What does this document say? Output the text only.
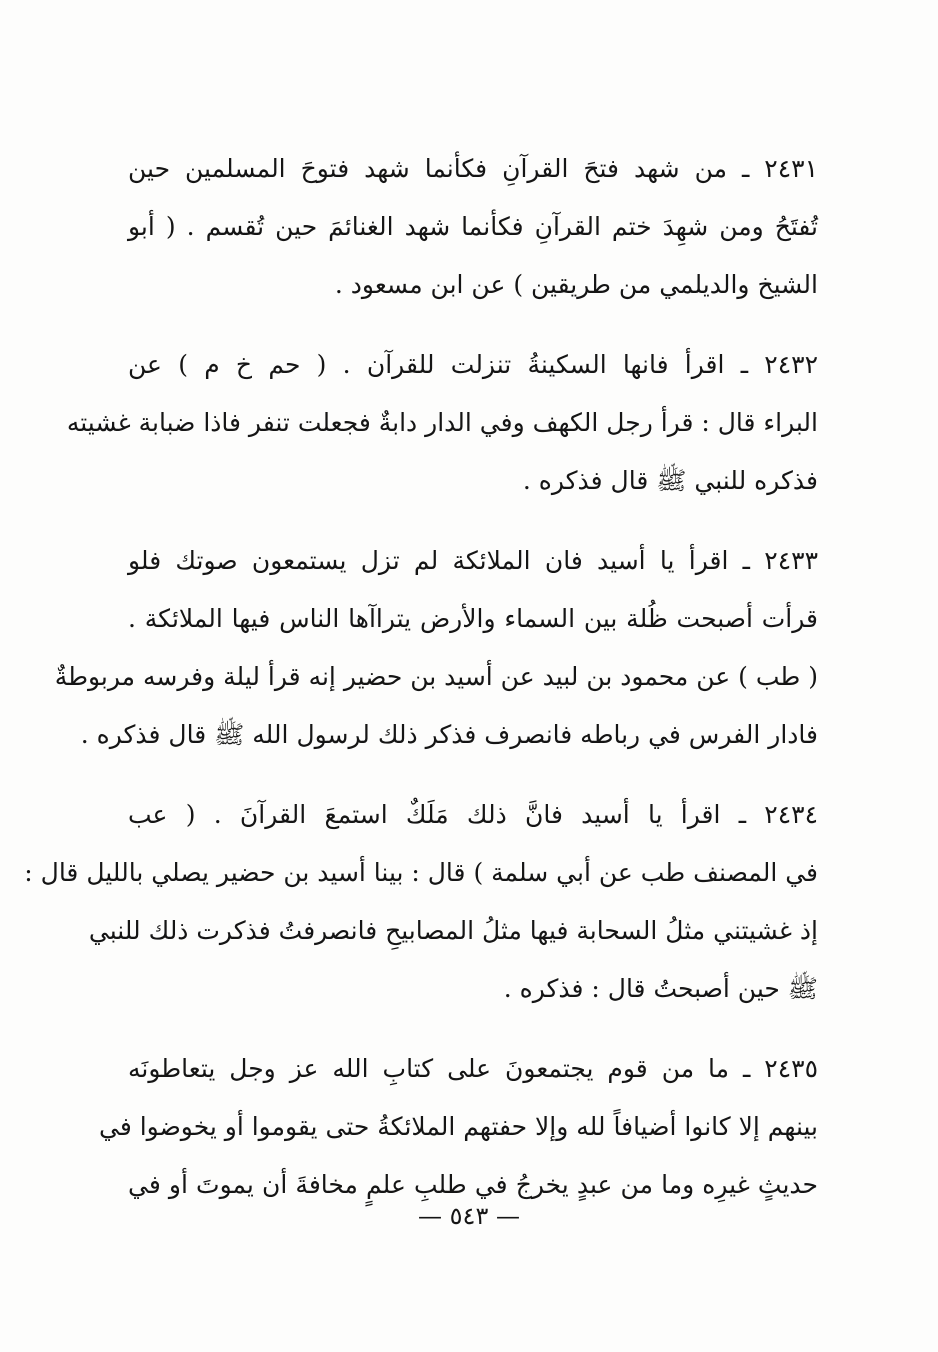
٢٤٣١ ـ من شهد فتحَ القرآنِ فكأنما شهد فتوحَ المسلمين حين
تُفتَحُ ومن شهِدَ ختم القرآنِ فكأنما شهد الغنائمَ حين تُقسم . ( أبو
الشيخ والديلمي من طريقين ) عن ابن مسعود .
٢٤٣٢ ـ اقرأ فانها السكينةُ تنزلت للقرآن . ( حم خ م ) عن
البراء قال : قرأ رجل الكهف وفي الدار دابةٌ فجعلت تنفر فاذا ضبابة غشيته
فذكره للنبي ﷺ قال فذكره .
٢٤٣٣ ـ اقرأ يا أسيد فان الملائكة لم تزل يستمعون صوتك فلو
قرأت أصبحت ظُلة بين السماء والأرض يتراآها الناس فيها الملائكة .
( طب ) عن محمود بن لبيد عن أسيد بن حضير إنه قرأ ليلة وفرسه مربوطةٌ
فادار الفرس في رباطه فانصرف فذكر ذلك لرسول الله ﷺ قال فذكره .
٢٤٣٤ ـ اقرأ يا أسيد فانَّ ذلك مَلَكٌ استمعَ القرآنَ . ( عب
في المصنف طب عن أبي سلمة ) قال : بينا أسيد بن حضير يصلي بالليل قال :
إذ غشيتني مثلُ السحابة فيها مثلُ المصابيحِ فانصرفتُ فذكرت ذلك للنبي
ﷺ حين أصبحتُ قال : فذكره .
٢٤٣٥ ـ ما من قوم يجتمعونَ على كتابِ الله عز وجل يتعاطونَه
بينهم إلا كانوا أضيافاً لله وإلا حفتهم الملائكةُ حتى يقوموا أو يخوضوا في
حديثٍ غيرِه وما من عبدٍ يخرجُ في طلبِ علمٍ مخافةَ أن يموتَ أو في
— ٥٤٣ —
